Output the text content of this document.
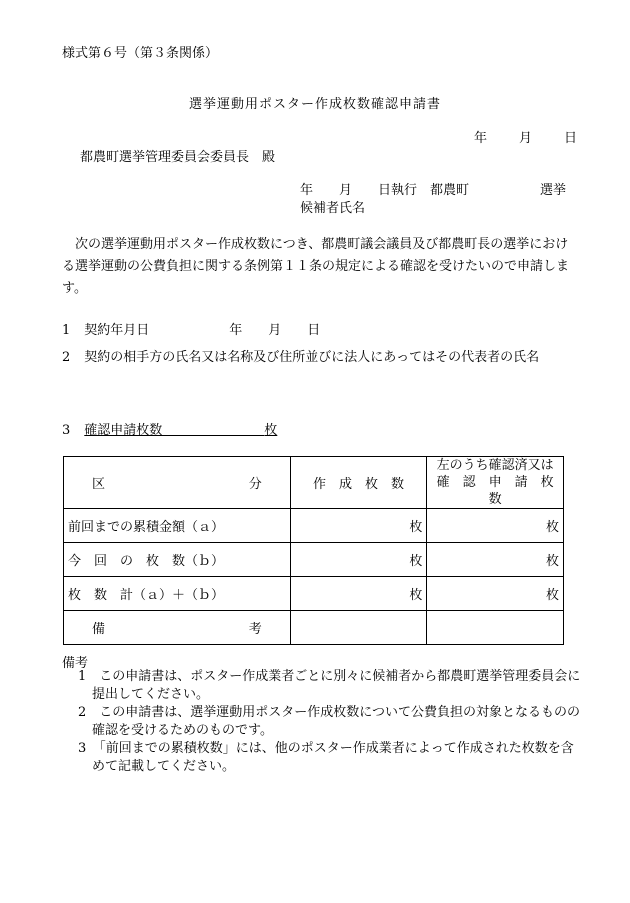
様式第６号（第３条関係）
選挙運動用ポスター作成枚数確認申請書
年 月 日
都農町選挙管理委員会委員長　殿
年　　月　　日執行　都農町	選挙
候補者氏名
次の選挙運動用ポスター作成枚数につき、都農町議会議員及び都農町長の選挙における選挙運動の公費負担に関する条例第１１条の規定による確認を受けたいので申請します。
1 契約年月日	年　　月　　日
2 契約の相手方の氏名又は名称及び住所並びに法人にあってはその代表者の氏名
3 確認申請枚数	枚
区　　　　　　分	作　成　枚　数	左のうち確認済又は
確　認　申　請　枚　数

前回までの累積金額（ａ）	枚	枚
今　回　の　枚　数（ｂ）	枚	枚
枚　数　計（ａ）＋（ｂ）	枚	枚
備　　　　　　考		
備考
1　この申請書は、ポスター作成業者ごとに別々に候補者から都農町選挙管理委員会に提出してください。
2　この申請書は、選挙運動用ポスター作成枚数について公費負担の対象となるものの確認を受けるためのものです。
3　「前回までの累積枚数」には、他のポスター作成業者によって作成された枚数を含めて記載してください。
